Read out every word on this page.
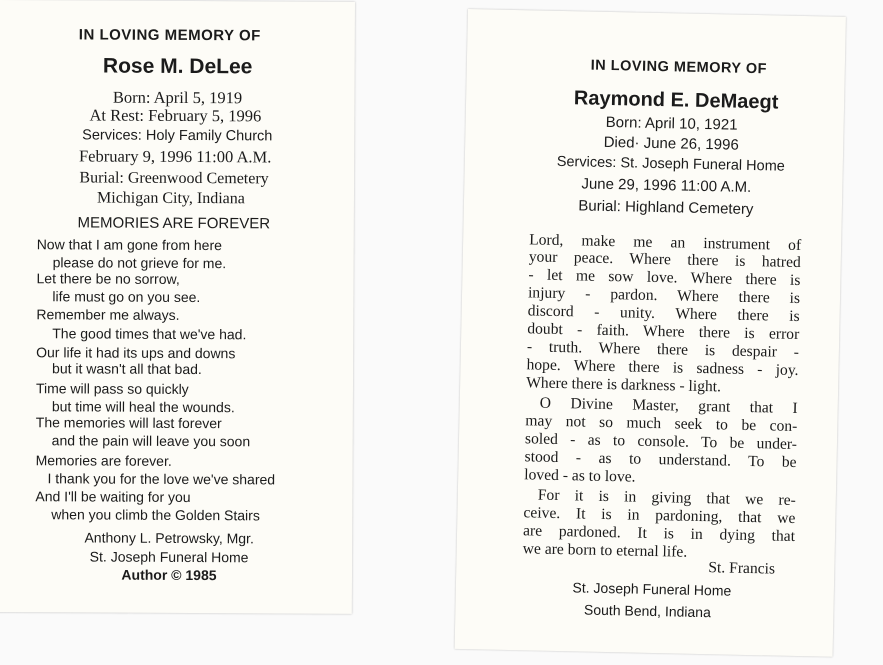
IN LOVING MEMORY OF

Rose M. DeLee

Born: April 5, 1919

At Rest: February 5, 1996

Services: Holy Family Church

February 9, 1996 11:00 A.M.

Burial: Greenwood Cemetery

Michigan City, Indiana

MEMORIES ARE FOREVER

Now that I am gone from here

please do not grieve for me.

Let there be no sorrow,

life must go on you see.

Remember me always.

The good times that we've had.

Our life it had its ups and downs

but it wasn't all that bad.

Time will pass so quickly

but time will heal the wounds.

The memories will last forever

and the pain will leave you soon

Memories are forever.

I thank you for the love we've shared

And I'll be waiting for you

when you climb the Golden Stairs

Anthony L. Petrowsky, Mgr.

St. Joseph Funeral Home

Author © 1985

IN LOVING MEMORY OF

Raymond E. DeMaegt

Born: April 10, 1921

Died· June 26, 1996

Services: St. Joseph Funeral Home

June 29, 1996 11:00 A.M.

Burial: Highland Cemetery

Lord, make me an instrument of

your peace. Where there is hatred

- let me sow love. Where there is

injury - pardon. Where there is

discord - unity. Where there is

doubt - faith. Where there is error

- truth. Where there is despair -

hope. Where there is sadness - joy.

Where there is darkness - light.

O Divine Master, grant that I

may not so much seek to be con-

soled - as to console. To be under-

stood - as to understand. To be

loved - as to love.

For it is in giving that we re-

ceive. It is in pardoning, that we

are pardoned. It is in dying that

we are born to eternal life.

St. Francis

St. Joseph Funeral Home

South Bend, Indiana
